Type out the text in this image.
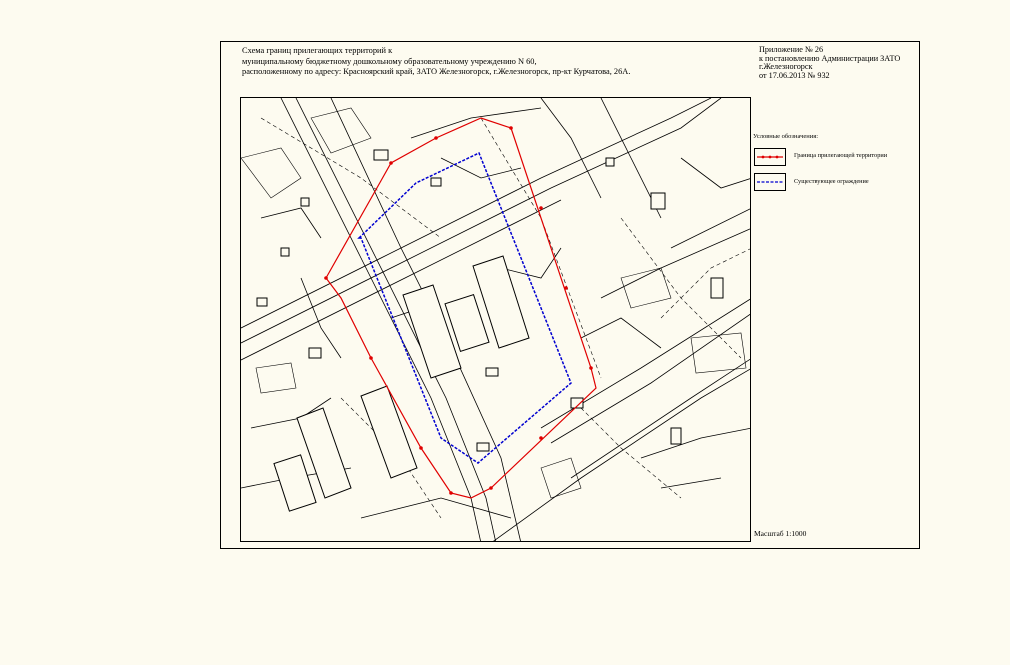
Схема границ прилегающих территорий к
муниципальному бюджетному дошкольному образовательному учреждению N 60,
расположенному по адресу: Красноярский край, ЗАТО Железногорск, г.Железногорск, пр-кт Курчатова, 26А.
Приложение № 26
к постановлению Администрации ЗАТО
г.Железногорск
от 17.06.2013 № 932
Условные обозначения:
Граница прилегающей территории
Существующее ограждение
Масштаб 1:1000
